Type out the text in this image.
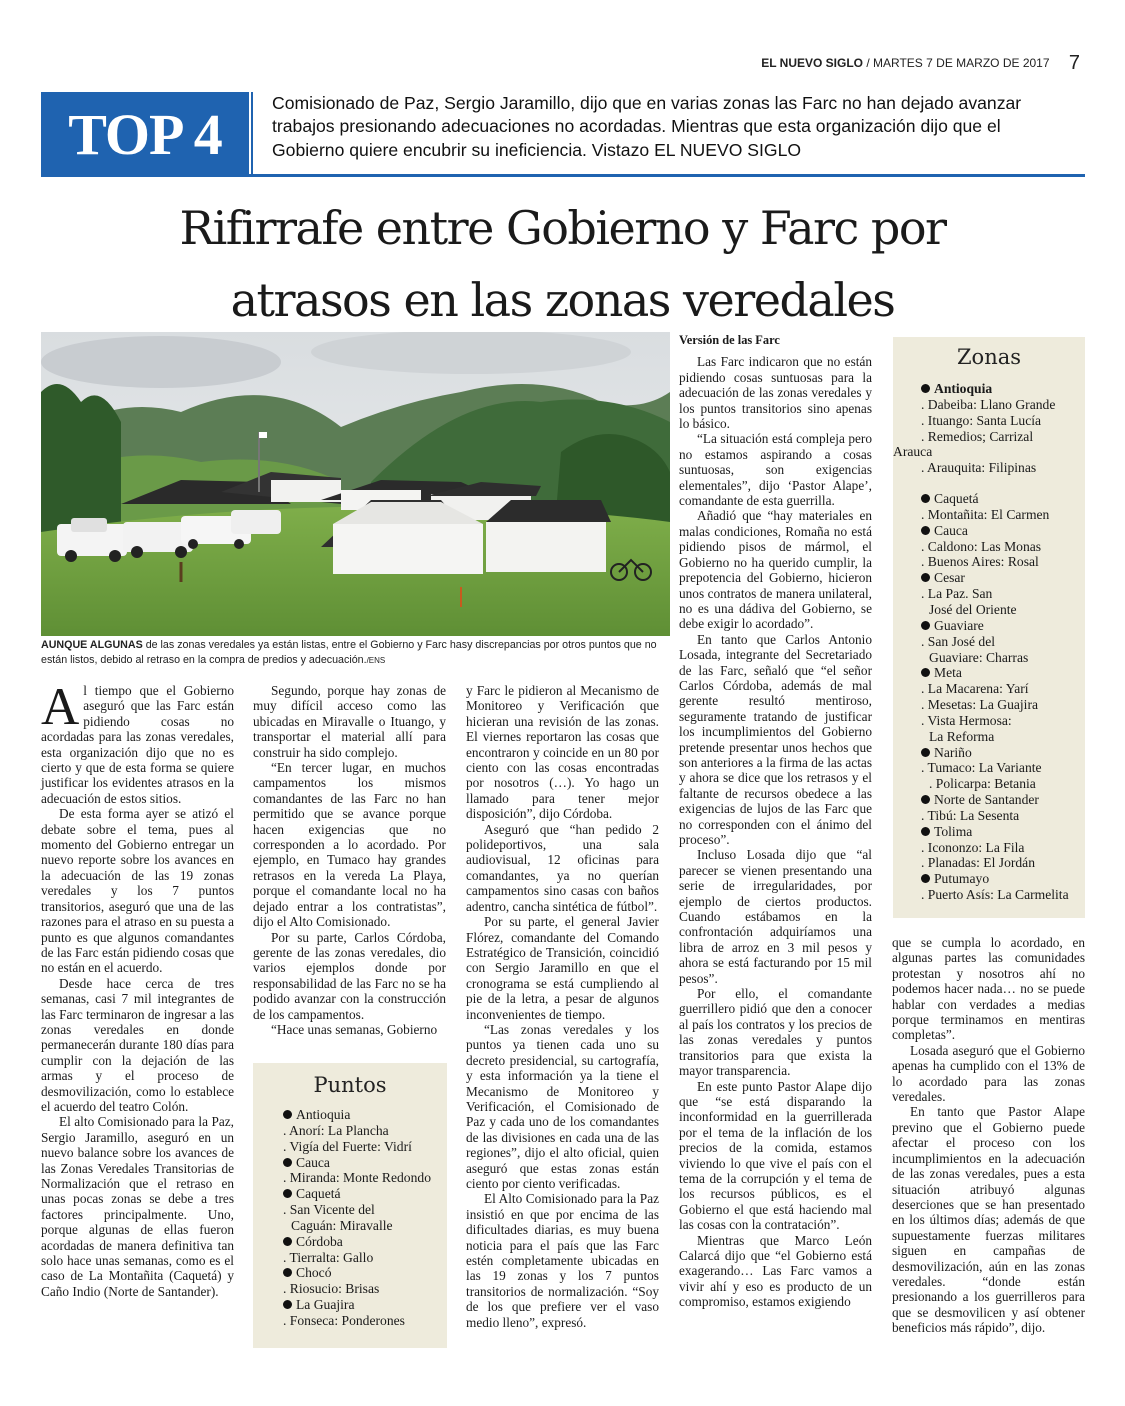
EL NUEVO SIGLO / MARTES 7 DE MARZO DE 2017 7
TOP 4	Comisionado de Paz, Sergio Jaramillo, dijo que en varias zonas las Farc no han dejado avanzar trabajos presionando adecuaciones no acordadas. Mientras que esta organización dijo que el Gobierno quiere encubrir su ineficiencia. Vistazo EL NUEVO SIGLO
Rifirrafe entre Gobierno y Farc por
atrasos en las zonas veredales
AUNQUE ALGUNAS de las zonas veredales ya están listas, entre el Gobierno y Farc hasy discrepancias por otros puntos que no están listos, debido al retraso en la compra de predios y adecuación./ENS

Al tiempo que el Gobierno aseguró que las Farc están pidiendo cosas no acordadas para las zonas veredales, esta organización dijo que no es cierto y que de esta forma se quiere justificar los evidentes atrasos en la adecuación de estos sitios.

De esta forma ayer se atizó el debate sobre el tema, pues al momento del Gobierno entregar un nuevo reporte sobre los avances en la adecuación de las 19 zonas veredales y los 7 puntos transitorios, aseguró que una de las razones para el atraso en su puesta a punto es que algunos comandantes de las Farc están pidiendo cosas que no están en el acuerdo.

Desde hace cerca de tres semanas, casi 7 mil integrantes de las Farc terminaron de ingresar a las zonas veredales en donde permanecerán durante 180 días para cumplir con la dejación de las armas y el proceso de desmovilización, como lo establece el acuerdo del teatro Colón.

El alto Comisionado para la Paz, Sergio Jaramillo, aseguró en un nuevo balance sobre los avances de las Zonas Veredales Transitorias de Normalización que el retraso en unas pocas zonas se debe a tres factores principalmente. Uno, porque algunas de ellas fueron acordadas de manera definitiva tan solo hace unas semanas, como es el caso de La Montañita (Caquetá) y Caño Indio (Norte de Santander).

Segundo, porque hay zonas de muy difícil acceso como las ubicadas en Miravalle o Ituango, y transportar el material allí para construir ha sido complejo.

“En tercer lugar, en muchos campamentos los mismos comandantes de las Farc no han permitido que se avance porque hacen exigencias que no corresponden a lo acordado. Por ejemplo, en Tumaco hay grandes retrasos en la vereda La Playa, porque el comandante local no ha dejado entrar a los contratistas”, dijo el Alto Comisionado.

Por su parte, Carlos Córdoba, gerente de las zonas veredales, dio varios ejemplos donde por responsabilidad de las Farc no se ha podido avanzar con la construcción de los campamentos.

“Hace unas semanas, Gobierno

Puntos
Antioquia
. Anorí: La Plancha
. Vigía del Fuerte: Vidrí
Cauca
. Miranda: Monte Redondo
Caquetá
. San Vicente del
Caguán: Miravalle
Córdoba
. Tierralta: Gallo
Chocó
. Riosucio: Brisas
La Guajira
. Fonseca: Ponderones

y Farc le pidieron al Mecanismo de Monitoreo y Verificación que hicieran una revisión de las zonas. El viernes reportaron las cosas que encontraron y coincide en un 80 por ciento con las cosas encontradas por nosotros (…). Yo hago un llamado para tener mejor disposición”, dijo Córdoba.

Aseguró que “han pedido 2 polideportivos, una sala audiovisual, 12 oficinas para comandantes, ya no querían campamentos sino casas con baños adentro, cancha sintética de fútbol”.

Por su parte, el general Javier Flórez, comandante del Comando Estratégico de Transición, coincidió con Sergio Jaramillo en que el cronograma se está cumpliendo al pie de la letra, a pesar de algunos inconvenientes de tiempo.

“Las zonas veredales y los puntos ya tienen cada uno su decreto presidencial, su cartografía, y esta información ya la tiene el Mecanismo de Monitoreo y Verificación, el Comisionado de Paz y cada uno de los comandantes de las divisiones en cada una de las regiones”, dijo el alto oficial, quien aseguró que estas zonas están ciento por ciento verificadas.

El Alto Comisionado para la Paz insistió en que por encima de las dificultades diarias, es muy buena noticia para el país que las Farc estén completamente ubicadas en las 19 zonas y los 7 puntos transitorios de normalización. “Soy de los que prefiere ver el vaso medio lleno”, expresó.

Versión de las Farc

Las Farc indicaron que no están pidiendo cosas suntuosas para la adecuación de las zonas veredales y los puntos transitorios sino apenas lo básico.

“La situación está compleja pero no estamos aspirando a cosas suntuosas, son exigencias elementales”, dijo ‘Pastor Alape’, comandante de esta guerrilla.

Añadió que “hay materiales en malas condiciones, Romaña no está pidiendo pisos de mármol, el Gobierno no ha querido cumplir, la prepotencia del Gobierno, hicieron unos contratos de manera unilateral, no es una dádiva del Gobierno, se debe exigir lo acordado”.

En tanto que Carlos Antonio Losada, integrante del Secretariado de las Farc, señaló que “el señor Carlos Córdoba, además de mal gerente resultó mentiroso, seguramente tratando de justificar los incumplimientos del Gobierno pretende presentar unos hechos que son anteriores a la firma de las actas y ahora se dice que los retrasos y el faltante de recursos obedece a las exigencias de lujos de las Farc que no corresponden con el ánimo del proceso”.

Incluso Losada dijo que “al parecer se vienen presentando una serie de irregularidades, por ejemplo de ciertos productos. Cuando estábamos en la confrontación adquiríamos una libra de arroz en 3 mil pesos y ahora se está facturando por 15 mil pesos”.

Por ello, el comandante guerrillero pidió que den a conocer al país los contratos y los precios de las zonas veredales y puntos transitorios para que exista la mayor transparencia.

En este punto Pastor Alape dijo que “se está disparando la inconformidad en la guerrillerada por el tema de la inflación de los precios de la comida, estamos viviendo lo que vive el país con el tema de la corrupción y el tema de los recursos públicos, es el Gobierno el que está haciendo mal las cosas con la contratación”.

Mientras que Marco León Calarcá dijo que “el Gobierno está exagerando… Las Farc vamos a vivir ahí y eso es producto de un compromiso, estamos exigiendo

Zonas
Antioquia
. Dabeiba: Llano Grande
. Ituango: Santa Lucía
. Remedios; Carrizal
Arauca
. Arauquita: Filipinas
Caquetá
. Montañita: El Carmen
Cauca
. Caldono: Las Monas
. Buenos Aires: Rosal
Cesar
. La Paz. San
José del Oriente
Guaviare
. San José del
Guaviare: Charras
Meta
. La Macarena: Yarí
. Mesetas: La Guajira
. Vista Hermosa:
La Reforma
Nariño
. Tumaco: La Variante
. Policarpa: Betania
Norte de Santander
. Tibú: La Sesenta
Tolima
. Icononzo: La Fila
. Planadas: El Jordán
Putumayo
. Puerto Asís: La Carmelita

que se cumpla lo acordado, en algunas partes las comunidades protestan y nosotros ahí no podemos hacer nada… no se puede hablar con verdades a medias porque terminamos en mentiras completas”.

Losada aseguró que el Gobierno apenas ha cumplido con el 13% de lo acordado para las zonas veredales.

En tanto que Pastor Alape previno que el Gobierno puede afectar el proceso con los incumplimientos en la adecuación de las zonas veredales, pues a esta situación atribuyó algunas deserciones que se han presentado en los últimos días; además de que supuestamente fuerzas militares siguen en campañas de desmovilización, aún en las zonas veredales. “donde están presionando a los guerrilleros para que se desmovilicen y así obtener beneficios más rápido”, dijo.
